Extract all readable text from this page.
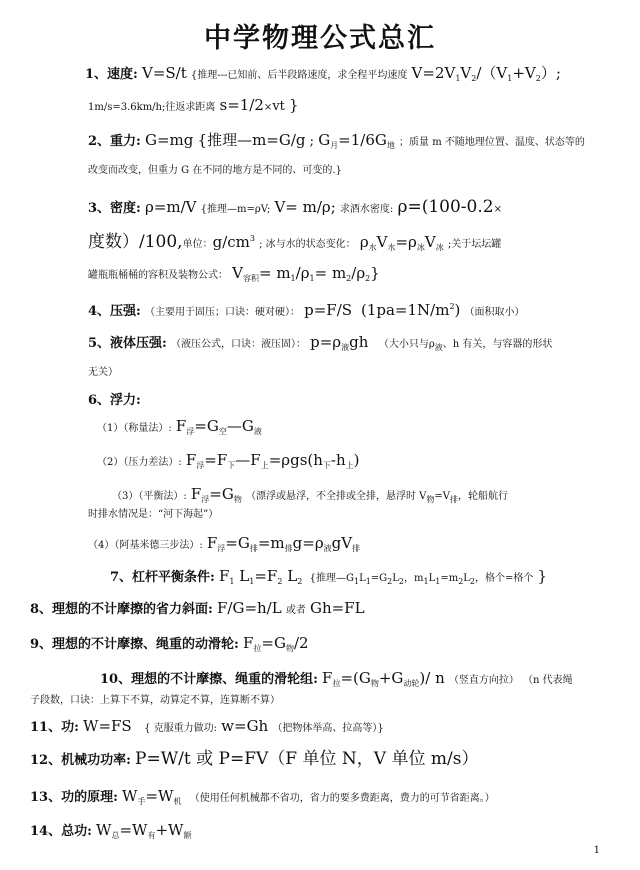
中学物理公式总汇
1、速度: V=S/t {推理---已知前、后半段路速度，求全程平均速度 $V=2V_1V_2/(V_1+V_2)$;
1m/s=3.6km/h;往返求距离 s=1/2×vt }
2、重力: G=mg {推理—m=G/g ; $G_月=1/6G_地$ ；质量 m 不随地理位置、温度、状态等的
改变而改变，但重力 G 在不同的地方是不同的、可变的.}
3、密度: ρ=m/V {推理—m=ρV; V= m/ρ; 求酒水密度: ρ=(100-0.2×
度数）/100,单位：$g/cm^3$ ; 冰与水的状态变化： $\rho_水V_水=\rho_冰V_冰$ ;关于坛坛罐
罐瓶瓶桶桶的容积及装物公式： $V_{容积}= m_1/\rho_1= m_2/\rho_2$}
4、压强: （主要用于固压；口诀：硬对硬）： p=F/S $(1pa=1N/m^2)$ （面积取小）
5、液体压强: （液压公式，口诀：液压固）： $p=\rho_液gh$ （大小只与$\rho_液$、h 有关，与容器的形状
无关）
6、浮力:
（1）（称量法）: $F_浮=G_空—G_液$
（2）（压力差法）: $F_浮=F_下—F_上=\rho gs(h_下-h_上)$
（3）（平衡法）: $F_浮=G_物$ （漂浮或悬浮，不全排或全排，悬浮时 $V_物=V_排$，轮船航行
时排水情况是：“河下海起”）
（4）（阿基米德三步法）: $F_浮=G_排=m_排g=\rho_液gV_排$
7、杠杆平衡条件: $F_1$ $L_1=F_2$ $L_2$ {推理$—G_1L_1=G_2L_2$，$m_1L_1=m_2L_2$，格个=格个 }
8、理想的不计摩擦的省力斜面: F/G=h/L 或者 Gh=FL
9、理想的不计摩擦、绳重的动滑轮: $F_拉=G_物/2$
10、理想的不计摩擦、绳重的滑轮组: $F_拉=(G_物+G_{动轮})/$ n （竖直方向拉） （n 代表绳
子段数，口诀：上算下不算，动算定不算，连算断不算）
11、功: W=FS { 克服重力做功: w=Gh （把物体举高、拉高等）}
12、机械功功率: P=W/t 或 P=FV（F 单位 N，V 单位 m/s）
13、功的原理: $W_手=W_机$ （使用任何机械都不省功，省力的要多费距离，费力的可节省距离。）
14、总功: $W_总=W_有+W_额$
1
